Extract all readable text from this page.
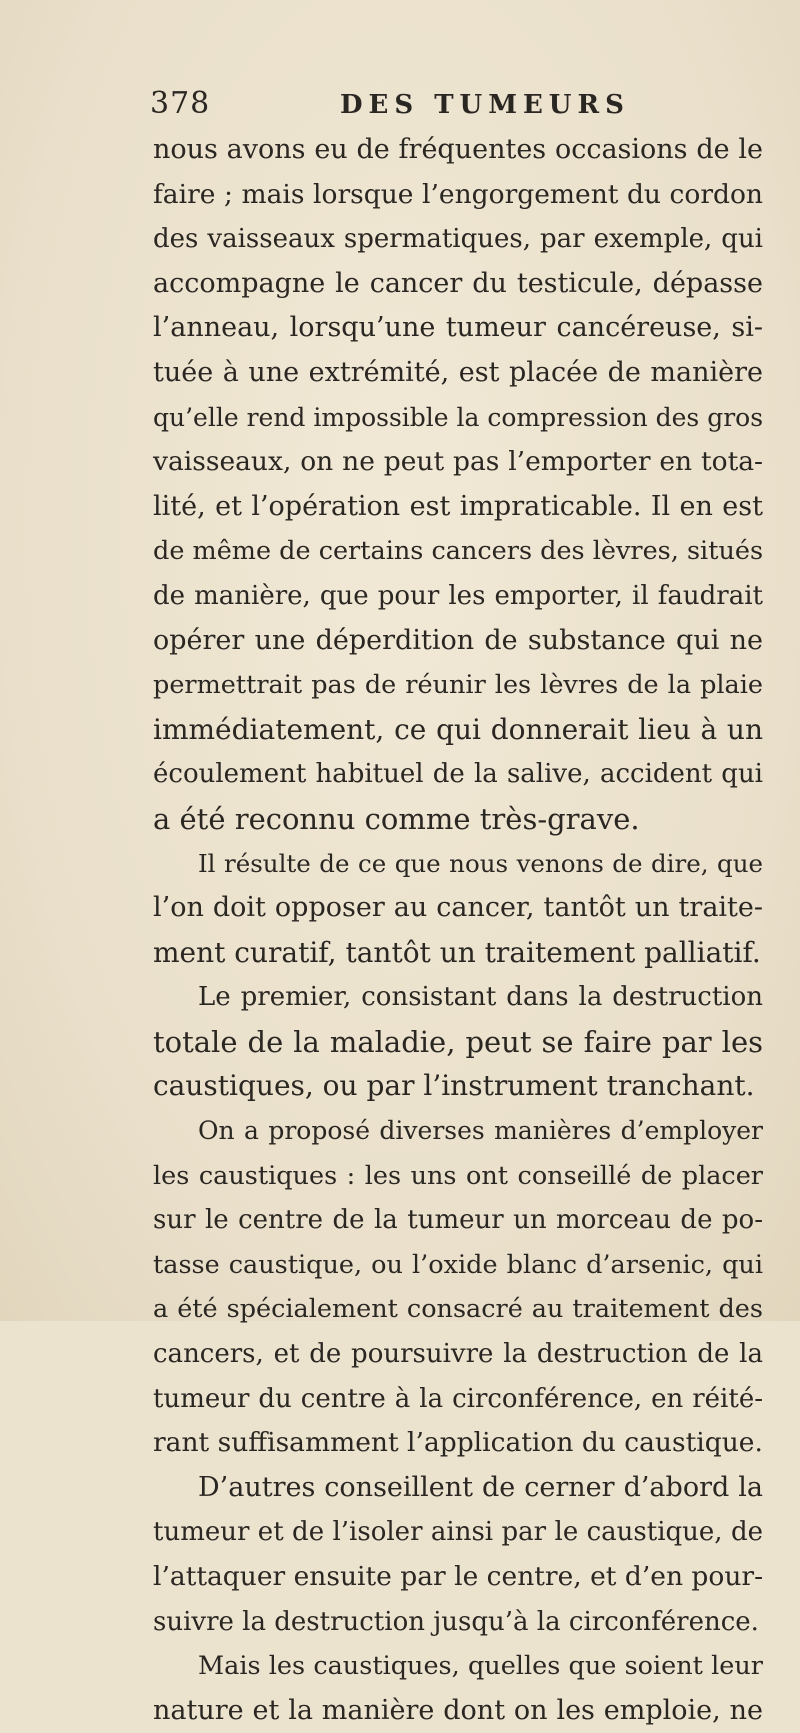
378	DES TUMEURS
nous avons eu de fréquentes occasions de le
faire ; mais lorsque l’engorgement du cordon
des vaisseaux spermatiques, par exemple, qui
accompagne le cancer du testicule, dépasse
l’anneau, lorsqu’une tumeur cancéreuse, si-
tuée à une extrémité, est placée de manière
qu’elle rend impossible la compression des gros
vaisseaux, on ne peut pas l’emporter en tota-
lité, et l’opération est impraticable. Il en est
de même de certains cancers des lèvres, situés
de manière, que pour les emporter, il faudrait
opérer une déperdition de substance qui ne
permettrait pas de réunir les lèvres de la plaie
immédiatement, ce qui donnerait lieu à un
écoulement habituel de la salive, accident qui
a été reconnu comme très-grave.
Il résulte de ce que nous venons de dire, que
l’on doit opposer au cancer, tantôt un traite-
ment curatif, tantôt un traitement palliatif.
Le premier, consistant dans la destruction
totale de la maladie, peut se faire par les
caustiques, ou par l’instrument tranchant.
On a proposé diverses manières d’employer
les caustiques : les uns ont conseillé de placer
sur le centre de la tumeur un morceau de po-
tasse caustique, ou l’oxide blanc d’arsenic, qui
a été spécialement consacré au traitement des
cancers, et de poursuivre la destruction de la
tumeur du centre à la circonférence, en réité-
rant suffisamment l’application du caustique.
D’autres conseillent de cerner d’abord la
tumeur et de l’isoler ainsi par le caustique, de
l’attaquer ensuite par le centre, et d’en pour-
suivre la destruction jusqu’à la circonférence.
Mais les caustiques, quelles que soient leur
nature et la manière dont on les emploie, ne
